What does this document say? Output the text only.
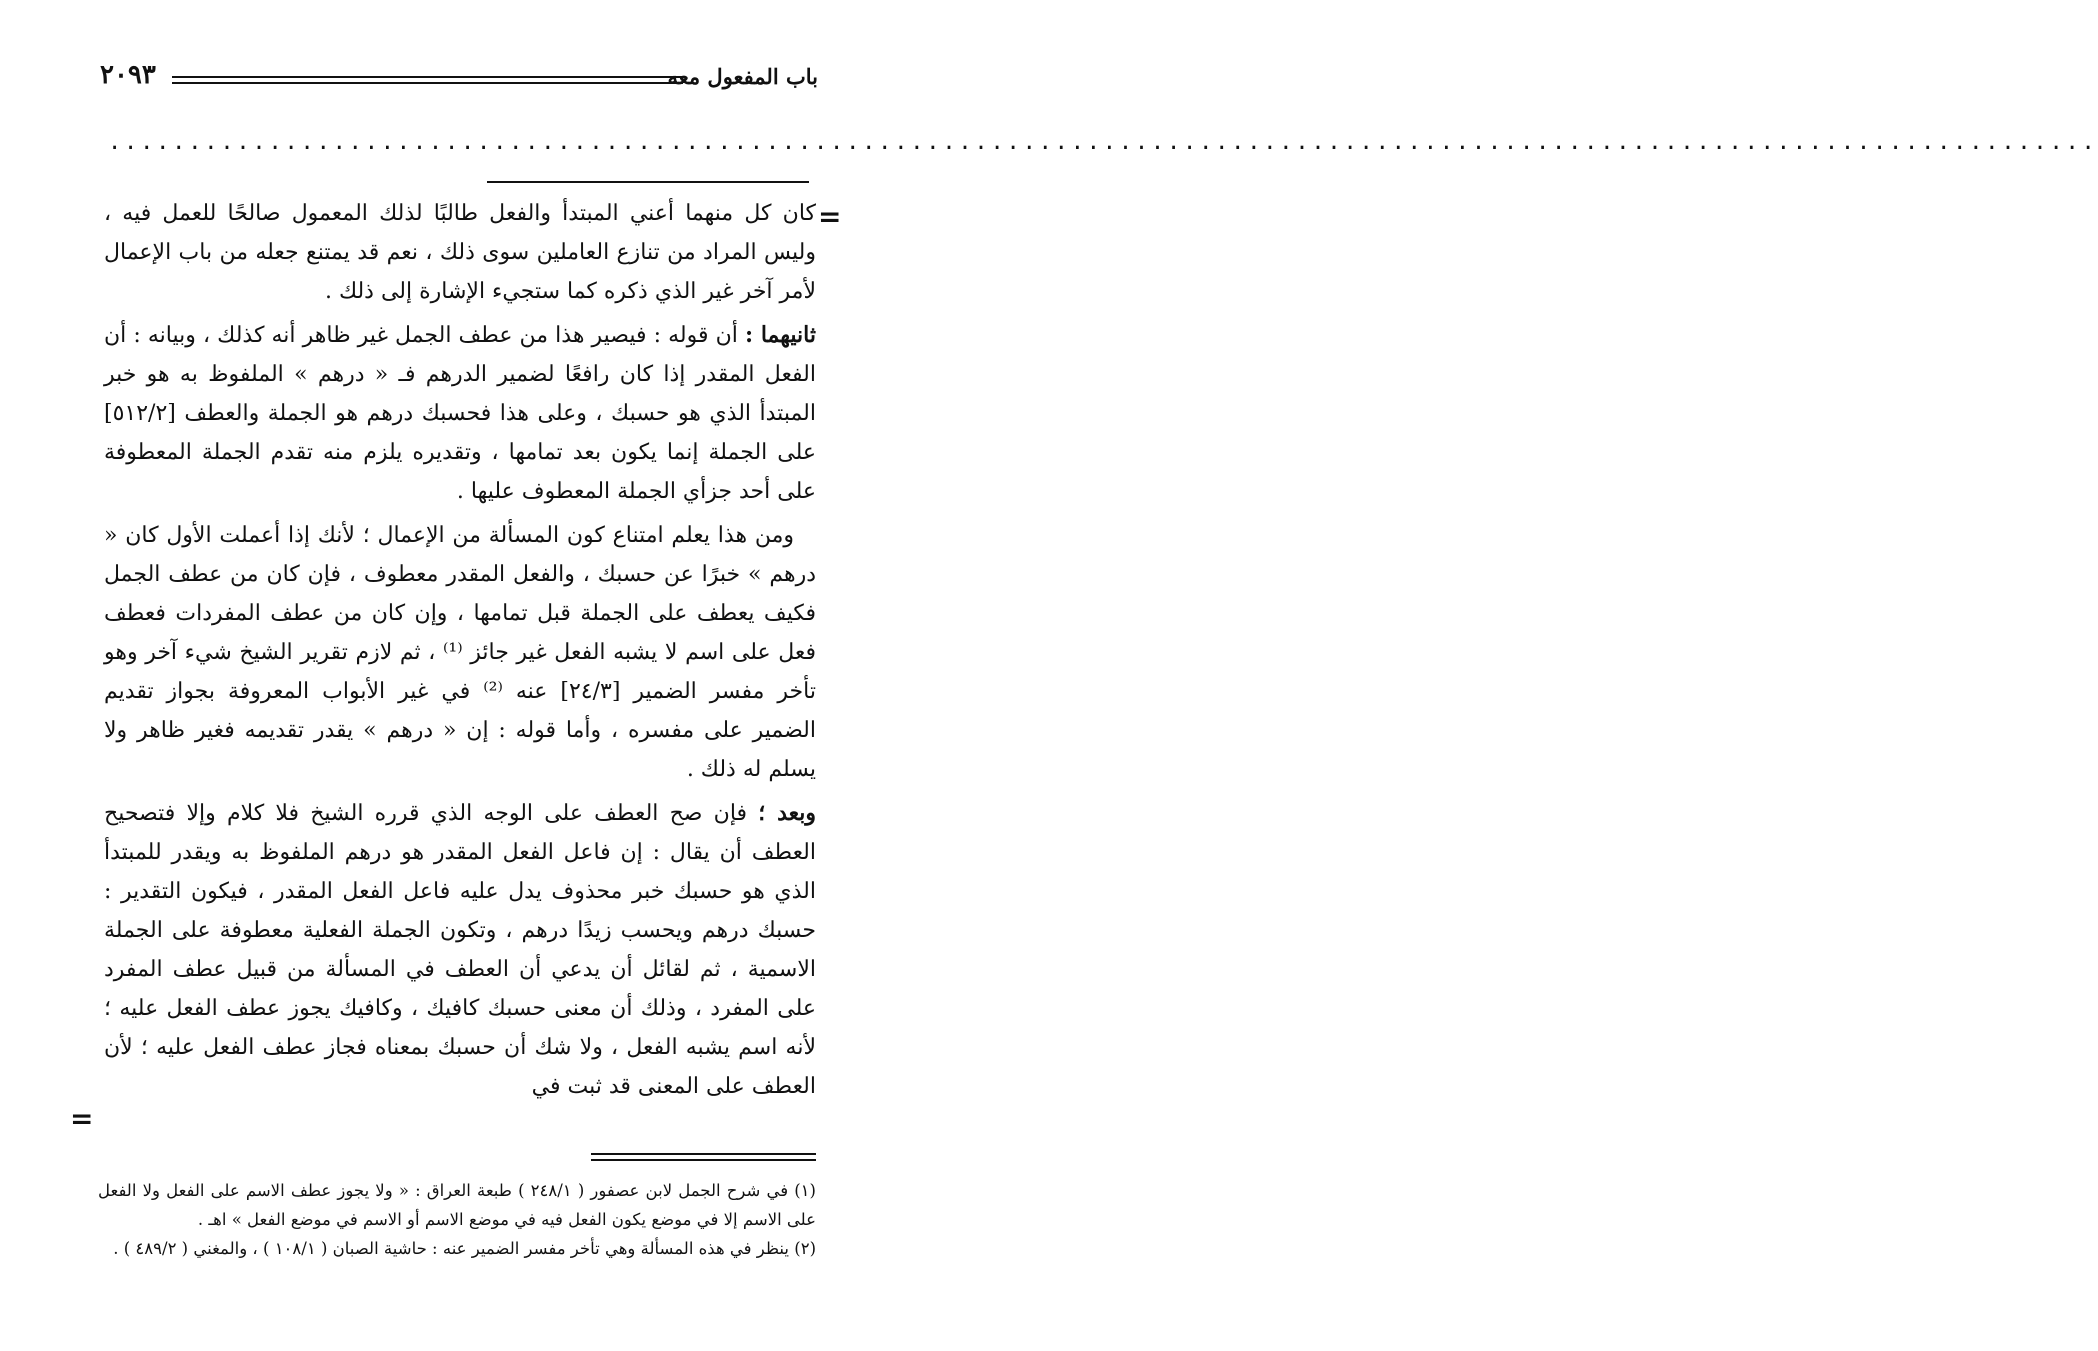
باب المفعول معه
٢٠٩٣
............................................................................................................................
=
=

كان كل منهما أعني المبتدأ والفعل طالبًا لذلك المعمول صالحًا للعمل فيه ، وليس المراد من تنازع العاملين سوى ذلك ، نعم قد يمتنع جعله من باب الإعمال لأمر آخر غير الذي ذكره كما ستجيء الإشارة إلى ذلك .

ثانيهما : أن قوله : فيصير هذا من عطف الجمل غير ظاهر أنه كذلك ، وبيانه : أن الفعل المقدر إذا كان رافعًا لضمير الدرهم فـ « درهم » الملفوظ به هو خبر المبتدأ الذي هو حسبك ، وعلى هذا فحسبك درهم هو الجملة والعطف [٥١٢/٢] على الجملة إنما يكون بعد تمامها ، وتقديره يلزم منه تقدم الجملة المعطوفة على أحد جزأي الجملة المعطوف عليها .

ومن هذا يعلم امتناع كون المسألة من الإعمال ؛ لأنك إذا أعملت الأول كان « درهم » خبرًا عن حسبك ، والفعل المقدر معطوف ، فإن كان من عطف الجمل فكيف يعطف على الجملة قبل تمامها ، وإن كان من عطف المفردات فعطف فعل على اسم لا يشبه الفعل غير جائز ⁽¹⁾ ، ثم لازم تقرير الشيخ شيء آخر وهو تأخر مفسر الضمير [٢٤/٣] عنه ⁽²⁾ في غير الأبواب المعروفة بجواز تقديم الضمير على مفسره ، وأما قوله : إن « درهم » يقدر تقديمه فغير ظاهر ولا يسلم له ذلك .

وبعد ؛ فإن صح العطف على الوجه الذي قرره الشيخ فلا كلام وإلا فتصحيح العطف أن يقال : إن فاعل الفعل المقدر هو درهم الملفوظ به ويقدر للمبتدأ الذي هو حسبك خبر محذوف يدل عليه فاعل الفعل المقدر ، فيكون التقدير : حسبك درهم ويحسب زيدًا درهم ، وتكون الجملة الفعلية معطوفة على الجملة الاسمية ، ثم لقائل أن يدعي أن العطف في المسألة من قبيل عطف المفرد على المفرد ، وذلك أن معنى حسبك كافيك ، وكافيك يجوز عطف الفعل عليه ؛ لأنه اسم يشبه الفعل ، ولا شك أن حسبك بمعناه فجاز عطف الفعل عليه ؛ لأن العطف على المعنى قد ثبت في

(١) في شرح الجمل لابن عصفور ( ٢٤٨/١ ) طبعة العراق : « ولا يجوز عطف الاسم على الفعل ولا الفعل على الاسم إلا في موضع يكون الفعل فيه في موضع الاسم أو الاسم في موضع الفعل » اهـ .

(٢) ينظر في هذه المسألة وهي تأخر مفسر الضمير عنه : حاشية الصبان ( ١٠٨/١ ) ، والمغني ( ٤٨٩/٢ ) .
